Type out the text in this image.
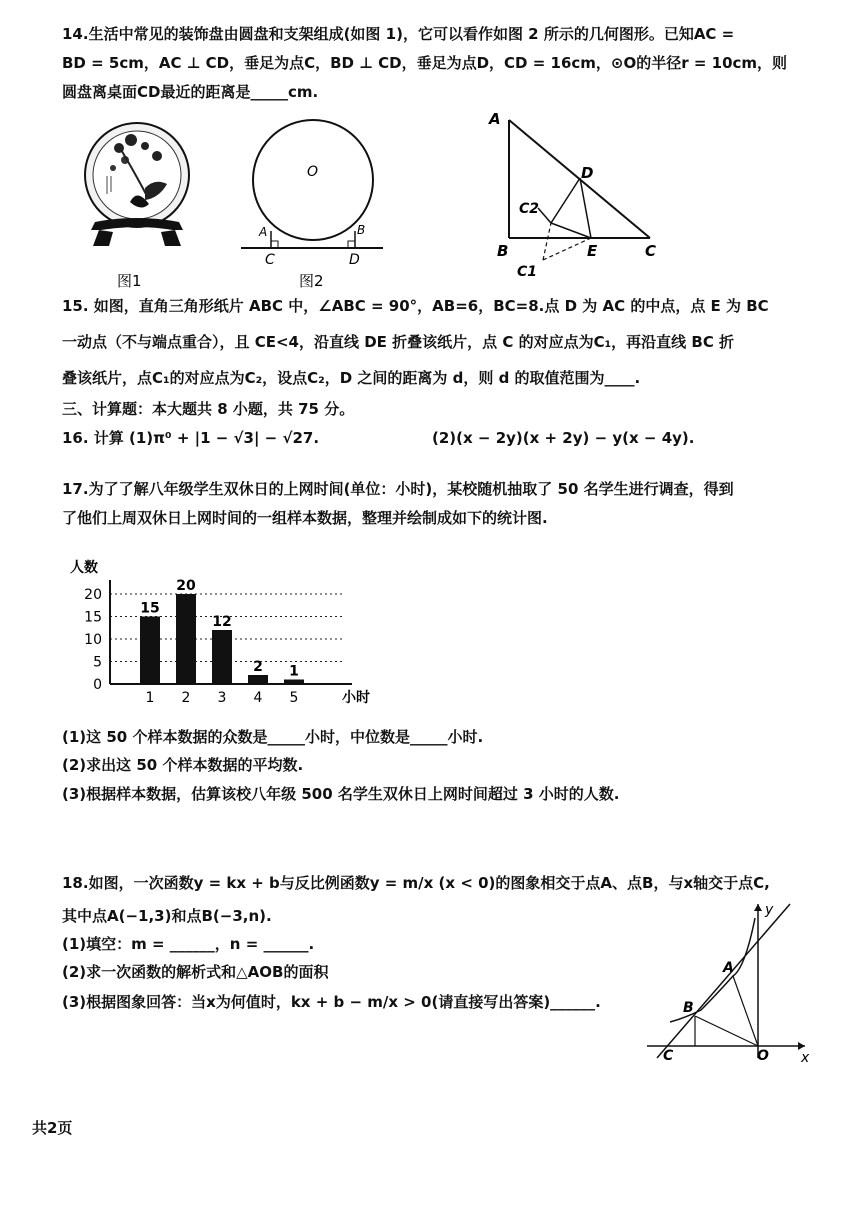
14.生活中常见的装饰盘由圆盘和支架组成(如图 1)，它可以看作如图 2 所示的几何图形。已知AC =
BD = 5cm，AC ⊥ CD，垂足为点C，BD ⊥ CD，垂足为点D，CD = 16cm，⊙O的半径r = 10cm，则
圆盘离桌面CD最近的距离是_____cm.
图1
O
A	B
C	D
图2
A
B	C
D
E
C2
C1
15. 如图，直角三角形纸片 ABC 中，∠ABC = 90°，AB=6，BC=8.点 D 为 AC 的中点，点 E 为 BC
一动点（不与端点重合），且 CE<4，沿直线 DE 折叠该纸片，点 C 的对应点为C₁，再沿直线 BC 折
叠该纸片，点C₁的对应点为C₂，设点C₂，D 之间的距离为 d，则 d 的取值范围为____.
三、计算题：本大题共 8 小题，共 75 分。
16. 计算 (1)π⁰ + |1 − √3| − √27.	(2)(x − 2y)(x + 2y) − y(x − 4y).
17.为了了解八年级学生双休日的上网时间(单位：小时)，某校随机抽取了 50 名学生进行调查，得到
了他们上周双休日上网时间的一组样本数据，整理并绘制成如下的统计图.
人数
小时
15
20
12
2 1
0
5
10
15
20
1 2 3 4 5
(1)这 50 个样本数据的众数是_____小时，中位数是_____小时.
(2)求出这 50 个样本数据的平均数.
(3)根据样本数据，估算该校八年级 500 名学生双休日上网时间超过 3 小时的人数.
18.如图，一次函数y = kx + b与反比例函数y = m/x (x < 0)的图象相交于点A、点B，与x轴交于点C,
其中点A(−1,3)和点B(−3,n).
(1)填空：m = ______，n = ______.
(2)求一次函数的解析式和△AOB的面积
(3)根据图象回答：当x为何值时，kx + b − m/x > 0(请直接写出答案)______.
y
x
A
B
C	O
共2页
